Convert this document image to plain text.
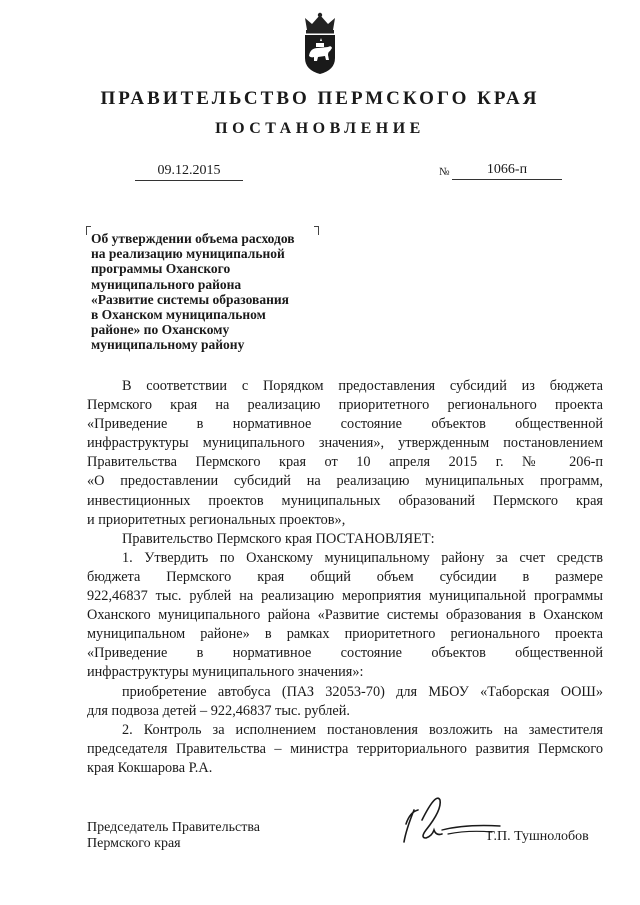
ПРАВИТЕЛЬСТВО ПЕРМСКОГО КРАЯ
ПОСТАНОВЛЕНИЕ
09.12.2015	№	1066-п
Об утверждении объема расходов
на реализацию муниципальной
программы Оханского
муниципального района
«Развитие системы образования
в Оханском муниципальном
районе» по Оханскому
муниципальному району
В соответствии с Порядком предоставления субсидий из бюджета
Пермского края на реализацию приоритетного регионального проекта
«Приведение в нормативное состояние объектов общественной
инфраструктуры муниципального значения», утвержденным постановлением
Правительства Пермского края от 10 апреля 2015 г. № 206-п
«О предоставлении субсидий на реализацию муниципальных программ,
инвестиционных проектов муниципальных образований Пермского края
и приоритетных региональных проектов»,
Правительство Пермского края ПОСТАНОВЛЯЕТ:
1. Утвердить по Оханскому муниципальному району за счет средств
бюджета Пермского края общий объем субсидии в размере
922,46837 тыс. рублей на реализацию мероприятия муниципальной программы
Оханского муниципального района «Развитие системы образования в Оханском
муниципальном районе» в рамках приоритетного регионального проекта
«Приведение в нормативное состояние объектов общественной
инфраструктуры муниципального значения»:
приобретение автобуса (ПАЗ 32053-70) для МБОУ «Таборская ООШ»
для подвоза детей – 922,46837 тыс. рублей.
2. Контроль за исполнением постановления возложить на заместителя
председателя Правительства – министра территориального развития Пермского
края Кокшарова Р.А.
Председатель Правительства
Пермского края	Г.П. Тушнолобов
